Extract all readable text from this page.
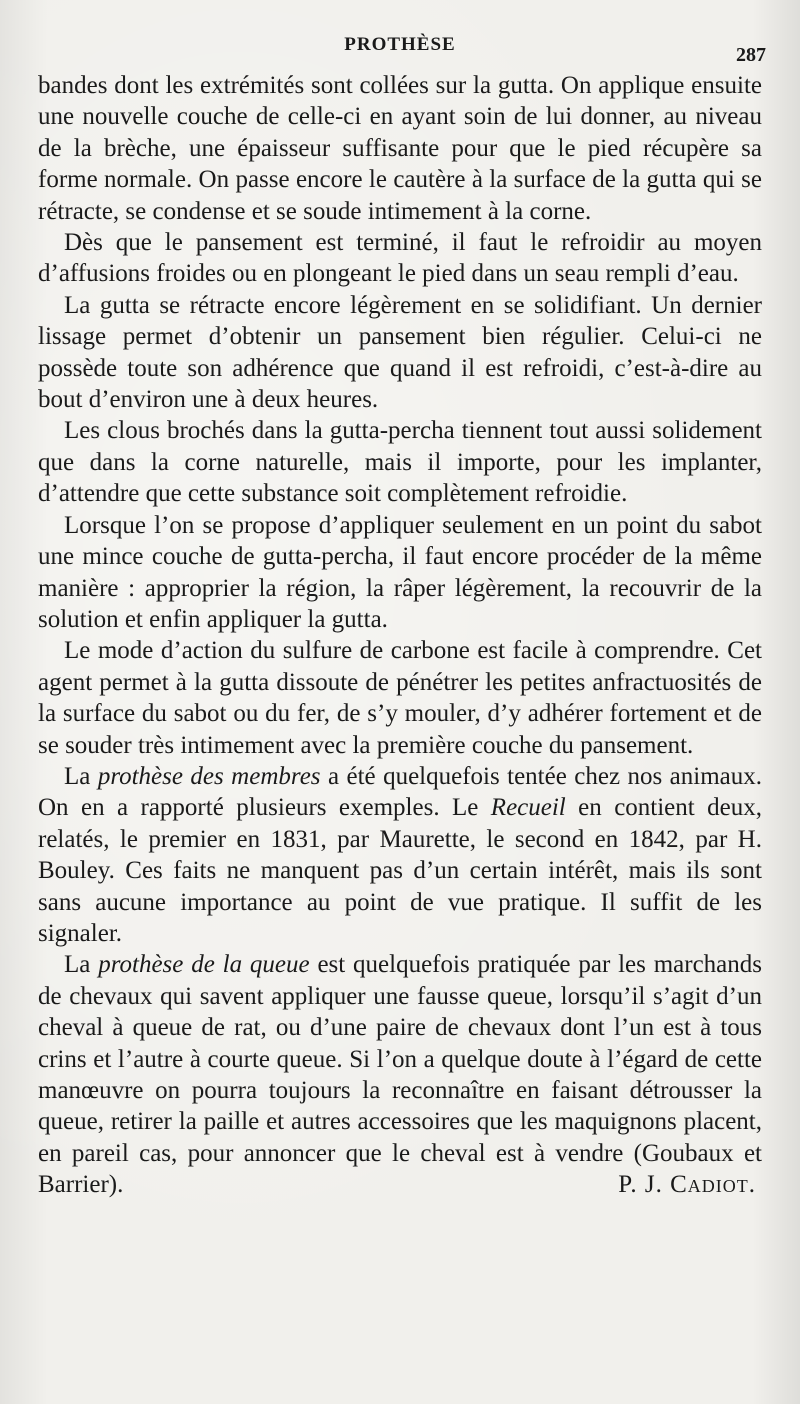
PROTHÈSE	287

bandes dont les extrémités sont collées sur la gutta. On applique ensuite une nouvelle couche de celle-ci en ayant soin de lui donner, au niveau de la brèche, une épaisseur suffisante pour que le pied récupère sa forme normale. On passe encore le cautère à la surface de la gutta qui se rétracte, se condense et se soude intimement à la corne.

Dès que le pansement est terminé, il faut le refroidir au moyen d’affusions froides ou en plongeant le pied dans un seau rempli d’eau.

La gutta se rétracte encore légèrement en se solidifiant. Un dernier lissage permet d’obtenir un pansement bien régulier. Celui-ci ne possède toute son adhérence que quand il est refroidi, c’est-à-dire au bout d’environ une à deux heures.

Les clous brochés dans la gutta-percha tiennent tout aussi solidement que dans la corne naturelle, mais il importe, pour les implanter, d’attendre que cette substance soit complètement refroidie.

Lorsque l’on se propose d’appliquer seulement en un point du sabot une mince couche de gutta-percha, il faut encore procéder de la même manière : approprier la région, la râper légèrement, la recouvrir de la solution et enfin appliquer la gutta.

Le mode d’action du sulfure de carbone est facile à comprendre. Cet agent permet à la gutta dissoute de pénétrer les petites anfractuosités de la surface du sabot ou du fer, de s’y mouler, d’y adhérer fortement et de se souder très intimement avec la première couche du pansement.

La prothèse des membres a été quelquefois tentée chez nos animaux. On en a rapporté plusieurs exemples. Le Recueil en contient deux, relatés, le premier en 1831, par Maurette, le second en 1842, par H. Bouley. Ces faits ne manquent pas d’un certain intérêt, mais ils sont sans aucune importance au point de vue pratique. Il suffit de les signaler.

La prothèse de la queue est quelquefois pratiquée par les marchands de chevaux qui savent appliquer une fausse queue, lorsqu’il s’agit d’un cheval à queue de rat, ou d’une paire de chevaux dont l’un est à tous crins et l’autre à courte queue. Si l’on a quelque doute à l’égard de cette manœuvre on pourra toujours la reconnaître en faisant détrousser la queue, retirer la paille et autres accessoires que les maquignons placent, en pareil cas, pour annoncer que le cheval est à vendre (Goubaux et Barrier).	P. J. Cadiot.
